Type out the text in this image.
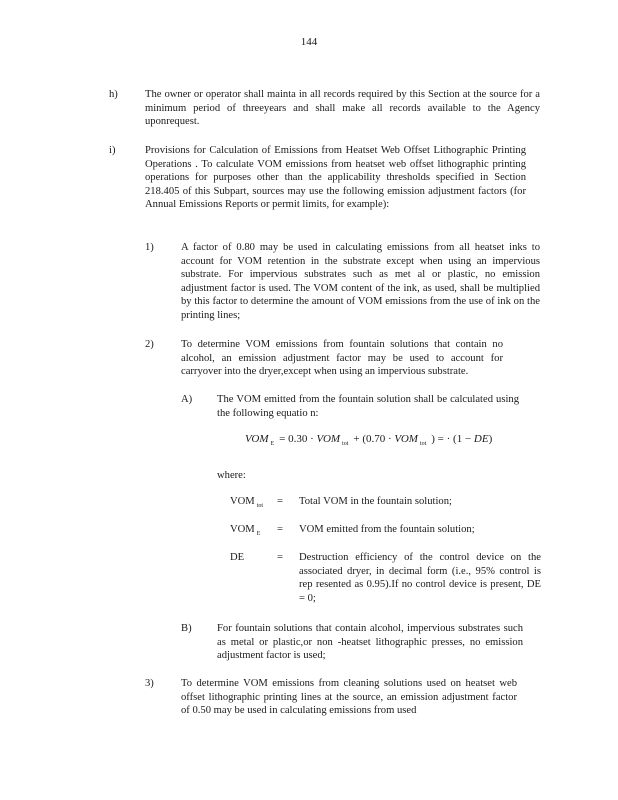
144
h)	The owner or operator shall mainta in all records required by this Section at the source for a minimum period of threeyears and shall make all records available to the Agency uponrequest.
i)	Provisions for Calculation of Emissions from Heatset Web Offset Lithographic Printing Operations . To calculate VOM emissions from heatset web offset lithographic printing operations for purposes other than the applicability thresholds specified in Section 218.405 of this Subpart, sources may use the following emission adjustment factors (for Annual Emissions Reports or permit limits, for example):
1)	A factor of 0.80 may be used in calculating emissions from all heatset inks to account for VOM retention in the substrate except when using an impervious substrate. For impervious substrates such as met al or plastic, no emission adjustment factor is used. The VOM content of the ink, as used, shall be multiplied by this factor to determine the amount of VOM emissions from the use of ink on the printing lines;
2)	To determine VOM emissions from fountain solutions that contain no alcohol, an emission adjustment factor may be used to account for carryover into the dryer,except when using an impervious substrate.
A) The VOM emitted from the fountain solution shall be calculated using the following equatio n:
VOM $_E$ = 0.30 · VOM $_{tot}$ + (0.70 · VOM $_{tot}$ ) = · (1 − DE)
where:
VOM $_{tot}$ = Total VOM in the fountain solution;
VOM $_E$ = VOM emitted from the fountain solution;
DE	= Destruction efficiency of the control device on the associated dryer, in decimal form (i.e., 95% control is rep resented as 0.95).If no control device is present, DE = 0;
B) For fountain solutions that contain alcohol, impervious substrates such as metal or plastic,or non -heatset lithographic presses, no emission adjustment factor is used;
3)	To determine VOM emissions from cleaning solutions used on heatset web offset lithographic printing lines at the source, an emission adjustment factor of 0.50 may be used in calculating emissions from used
